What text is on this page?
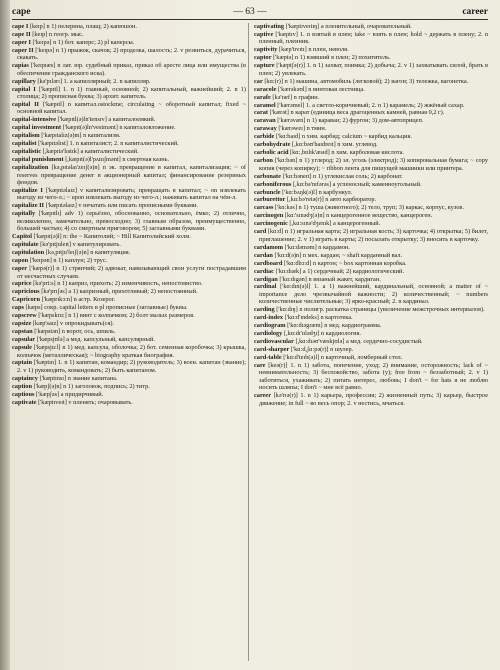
cape	— 63 —	career

cape I [keɪp] n 1) пелерина, плащ; 2) капюшон.

cape II [keɪp] n геогр. мыс.

caper I ['keɪpə] n 1) бот. каперс; 2) pl каперсы.

caper II ['keɪpə] n 1) прыжок, скачок; 2) проделка, шалость; 2. v резвиться, дурачиться, скакать.

capias ['keɪpɪæs] n лат. юр. судебный приказ, приказ об аресте лица или имущества (в обеспечение гражданского иска).

capillary [kə'pɪlərɪ] 1. a капиллярный; 2. n капилляр.

capital I ['kæpɪtl] 1. n 1) главный, основной; 2) капитальный, важнейший; 2. n 1) столица; 2) прописная буква; 3) архит. капитель.

capital II ['kæpɪtl] n капитал.ostockme; circulating ~ оборотный капитал; fixed ~ основной капитал.

capital-intensive ['kæpɪtl(ə)ln'tensɪv] a капиталоемкий.

capital investment ['kæpɪt(ə)ln'vestmənt] n капиталовложение.

capitalism ['kæpɪtalɪz(ə)m] n капитализм.

capitalist ['kæpɪtəlɪst] 1. n капиталист; 2. n капиталистический.

capitalistic [,kæpɪtə'lɪstɪk] a капиталистический.

capital punishment [,kæpɪt(ə)l'pʌnɪʃmənt] n смертная казнь.

capitalization [kə,pɪtəlaɪ'zeɪʃ(ə)n] n эк. превращение в капитал, капитализация; ~ of reserves превращение денег в акционерный капитал; финансирование резервных фондов.

capitalize I ['kæpɪtəlaɪz] v капитализировать; превращать в капитал; ~ on извлекать выгоду из чего-л.; ~ upon извлекать выгоду из чего-л.; наживать капитал на чём-л.

capitalize II ['kæpɪtəlaɪz] v печатать или писать прописными буквами.

capitally ['kæpɪtlɪ] adv 1) серьёзно, обоснованно, основательно, ёмко; 2) отлично, великолепно, замечательно, превосходно; 3) главным образом, преимущественно, большей частью; 4) со смертным приговором; 5) заглавными буквами.

Capitol ['kæpɪt(ə)l] n: the ~ Капитолий; ~ Hill Капитолийский холм.

capitulate [kə'pɪtjuleɪt] v капитулировать.

capitulation [kə,pɪtju'leɪʃ(ə)n] n капитуляция.

capon ['keɪpən] n 1) каплун; 2) трус.

caper ['kæpə(r)] n 1) стряпчий; 2) адвокат, навязывающий свои услуги пострадавшим от несчастных случаев.

caprice [kə'pri:s] n 1) каприз, прихоть; 2) изменчивость, непостоянство.

capricious [kə'prɪʃəs] a 1) капризный, прихотливый; 2) непостоянный.

Capricorn ['kæprɪkɔ:n] n астр. Козерог.

caps [kæps] сокр. capital letters в pl прописные (заглавные) буквы.

capscrew ['kæpskru:] n 1) винт с колпачком; 2) болт малых размеров.

capsize [kæp'saɪz] v опрокидывать(ся).

capstan ['kæpstən] n ворот, ось, шпиль.

capsular ['kæpsjʊlə] a мед. капсульный, капсулярный.

capsule ['kæpsju:l] n 1) мед. капсула, оболочка; 2) бот. семенная коробочка; 3) крышка, колпачок (металлическая); ~ biography краткая биография.

captain ['kæptɪn] 1. n 1) капитан, командир; 2) руководитель; 3) воен. капитан (звание); 2. v 1) руководить, командовать; 2) быть капитаном.

captaincy ['kæptɪnsɪ] n звание капитана.

caption ['kæpʃ(ə)n] n 1) заголовок, подпись; 2) титр.

captious ['kæpʃəs] a придирчивый.

captivate ['kæptɪveɪt] v пленять; очаровывать.

captivating ['kæptɪveɪtɪŋ] a пленительный, очаровательный.

captive ['kæptɪv] 1. n взятый в плен; take ~ взять в плен; hold ~ держать в плену; 2. n пленный, пленник.

captivity [kæp'tɪvɪtɪ] n плен, неволя.

captor ['kæptə] n 1) взявший в плен; 2) похититель.

capture ['kæptʃə(r)] 1. n 1) захват, поимка; 2) добыча; 2. v 1) захватывать силой, брать в плен; 2) увлекать.

car [kɑ:(r)] n 1) машина, автомобиль (легковой); 2) вагон; 3) тележка, вагонетка.

caracole ['kærəkəʊl] n винтовая лестница.

carafe [kə'ræf] n графин.

caramel ['kærəmel] 1. a светло-коричневый; 2. n 1) карамель; 2) жжёный сахар.

carat ['kærət] n карат (единица веса драгоценных камней, равная 0,2 г).

caravan ['kærəvæn] n 1) караван; 2) фургон; 3) дом-автоприцеп.

caraway ['kærəweɪ] n тмин.

carbide ['kɑ:baɪd] n хим. карбид; calcium ~ карбид кальция.

carbohydrate [,kɑ:bəʊ'haɪdreɪt] n хим. углевод.

carbolic acid [kɑ:,bɒlɪk'æsɪd] n хим. карболовая кислота.

carbon ['kɑ:bən] n 1) углерод; 2) эл. уголь (электрод); 3) копировальная бумага; ~ copy копия (через копирку); ~ ribbon лента для пишущей машинки или принтера.

carbonate ['kɑ:bəneɪt] n 1) углекислая соль; 2) карбонат.

carboniferous [,kɑ:bə'nɪfərəs] a угленосный; каменноугольный.

carbuncle ['kɑ:bʌŋk(ə)l] n карбункул.

carburettor [,kɑ:bə'retə(r)] n авто карбюратор.

carcass ['kɑ:kəs] n 1) туша (животного); 2) тело, труп; 3) каркас, корпус, кузов.

carcinogen [kɑ:'sɪnədʒ(ə)n] n канцерогенное вещество, канцероген.

carcinogenic [,kɑ:sɪnə'dʒenɪk] a канцерогенный.

card [kɑ:d] n 1) игральная карта; 2) игральная кость; 3) карточка; 4) открытка; 5) билет, приглашение; 2. v 1) играть в карты; 2) посылать открытку; 3) вносить в карточку.

cardamom ['kɑ:dəməm] n кардамон.

cardan ['kɑ:d(ə)n] n мех. кардан; ~ shaft карданный вал.

cardboard ['kɑ:dbɔ:d] n картон; ~ box картонная коробка.

cardiac ['kɑ:dɪæk] a 1) сердечный; 2) кардиологический.

cardigan ['kɑ:dɪgən] n вязаный жакет, кардиган.

cardinal ['kɑ:dɪn(ə)l] 1. a 1) важнейший, кардинальный, основной; a matter of ~ importance дело чрезвычайной важности; 2) количественный; ~ numbers количественные числительные; 3) ярко-красный; 2. n кардинал.

carding ['kɑ:dɪŋ] n полигр. раскатка страницы (увеличение межстрочных интервалов).

card-index ['kɑ:d'ɪndeks] n картотека.

cardiogram ['kɑ:dɪəgræm] n мед. кардиограмма.

cardiology [,kɑ:dɪ'ɒlədʒɪ] n кардиология.

cardiovascular [,kɑ:dɪəʊ'væskjʊlə] a мед. сердечно-сосудистый.

card-sharper ['kɑ:d,ʃɑ:pə(r)] n шулер.

card-table ['kɑ:d'teɪb(ə)l] n карточный, ломберный стол.

care [keə(r)] 1. n 1) забота, попечение, уход; 2) внимание, осторожность; lack of ~ невнимательность; 3) беспокойство, забота (у); free from ~ беззаботный; 2. v 1) заботиться, ухаживать; 2) питать интерес, любовь; I don't ~ for hats я не люблю носить шляпы; I don't ~ мне всё равно.

career [kə'rɪə(r)] 1. n 1) карьера, профессия; 2) жизненный путь; 3) карьер, быстрое движение; in full ~ во весь опор; 2. v нестись, мчаться.
